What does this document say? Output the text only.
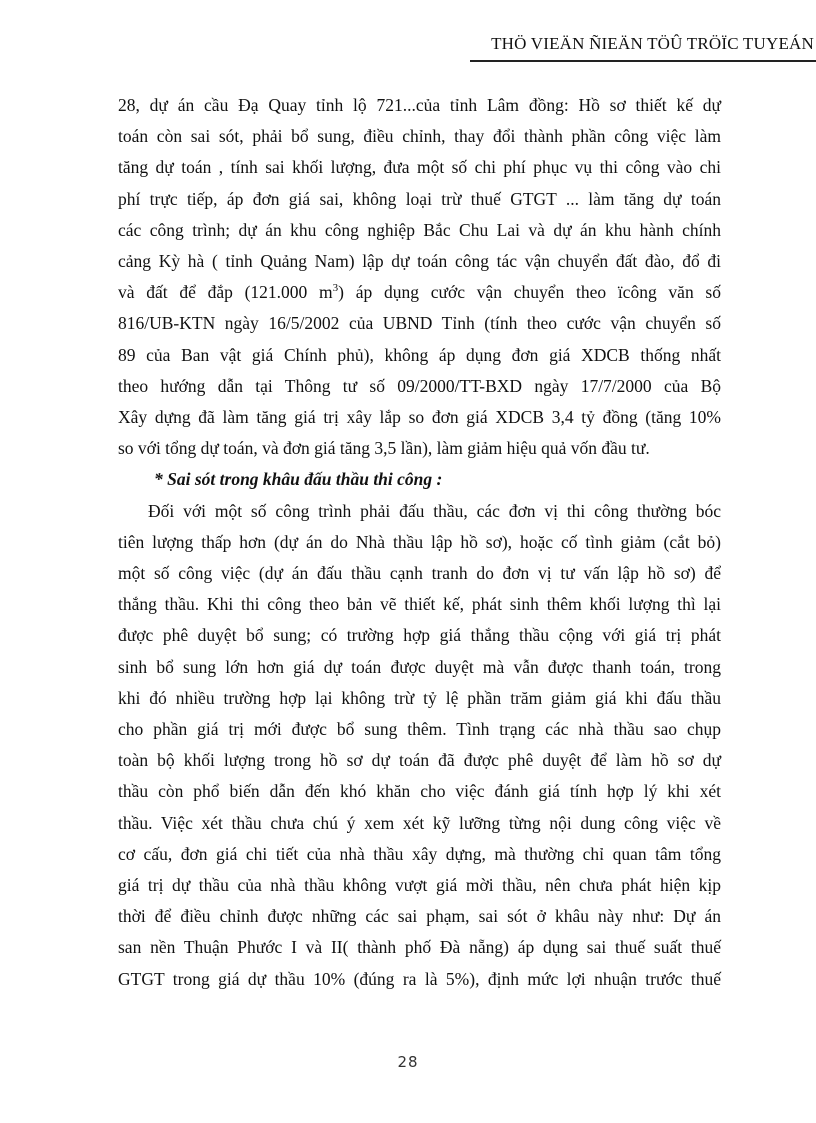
THÖ VIEÄN ÑIEÄN TÖÛ TRÖÏC TUYEÁN
28, dự án cầu Đạ Quay tỉnh lộ 721...của tỉnh Lâm đồng: Hồ sơ thiết kế dự
toán còn sai sót, phải bổ sung, điều chỉnh, thay đổi thành phần công việc làm
tăng dự toán , tính sai khối lượng, đưa một số chi phí phục vụ thi công vào chi
phí trực tiếp, áp đơn giá sai, không loại trừ thuế GTGT ... làm tăng dự toán
các công trình; dự án khu công nghiệp Bắc Chu Lai và dự án khu hành chính
cảng Kỳ hà ( tỉnh Quảng Nam) lập dự toán công tác vận chuyển đất đào, đổ đi
và đất để đắp (121.000 $m^3$) áp dụng cước vận chuyển theo ïcông văn số
816/UB-KTN ngày 16/5/2002 của UBND Tỉnh (tính theo cước vận chuyển số
89 của Ban vật giá Chính phủ), không áp dụng đơn giá XDCB thống nhất
theo hướng dẫn tại Thông tư số 09/2000/TT-BXD ngày 17/7/2000 của Bộ
Xây dựng đã làm tăng giá trị xây lắp so đơn giá XDCB 3,4 tỷ đồng (tăng 10%
so với tổng dự toán, và đơn giá tăng 3,5 lần), làm giảm hiệu quả vốn đầu tư.
* Sai sót trong khâu đấu thầu thi công :
Đối với một số công trình phải đấu thầu, các đơn vị thi công thường bóc
tiên lượng thấp hơn (dự án do Nhà thầu lập hồ sơ), hoặc cố tình giảm (cắt bỏ)
một số công việc (dự án đấu thầu cạnh tranh do đơn vị tư vấn lập hồ sơ) để
thắng thầu. Khi thi công theo bản vẽ thiết kế, phát sinh thêm khối lượng thì lại
được phê duyệt bổ sung; có trường hợp giá thắng thầu cộng với giá trị phát
sinh bổ sung lớn hơn giá dự toán được duyệt mà vẫn được thanh toán, trong
khi đó nhiều trường hợp lại không trừ tỷ lệ phần trăm giảm giá khi đấu thầu
cho phần giá trị mới được bổ sung thêm. Tình trạng các nhà thầu sao chụp
toàn bộ khối lượng trong hồ sơ dự toán đã được phê duyệt để làm hồ sơ dự
thầu còn phổ biến dẫn đến khó khăn cho việc đánh giá tính hợp lý khi xét
thầu. Việc xét thầu chưa chú ý xem xét kỹ lưỡng từng nội dung công việc về
cơ cấu, đơn giá chi tiết của nhà thầu xây dựng, mà thường chỉ quan tâm tổng
giá trị dự thầu của nhà thầu không vượt giá mời thầu, nên chưa phát hiện kịp
thời để điều chỉnh được những các sai phạm, sai sót ở khâu này như: Dự án
san nền Thuận Phước I và II( thành phố Đà nẵng) áp dụng sai thuế suất thuế
GTGT trong giá dự thầu 10% (đúng ra là 5%), định mức lợi nhuận trước thuế
28
